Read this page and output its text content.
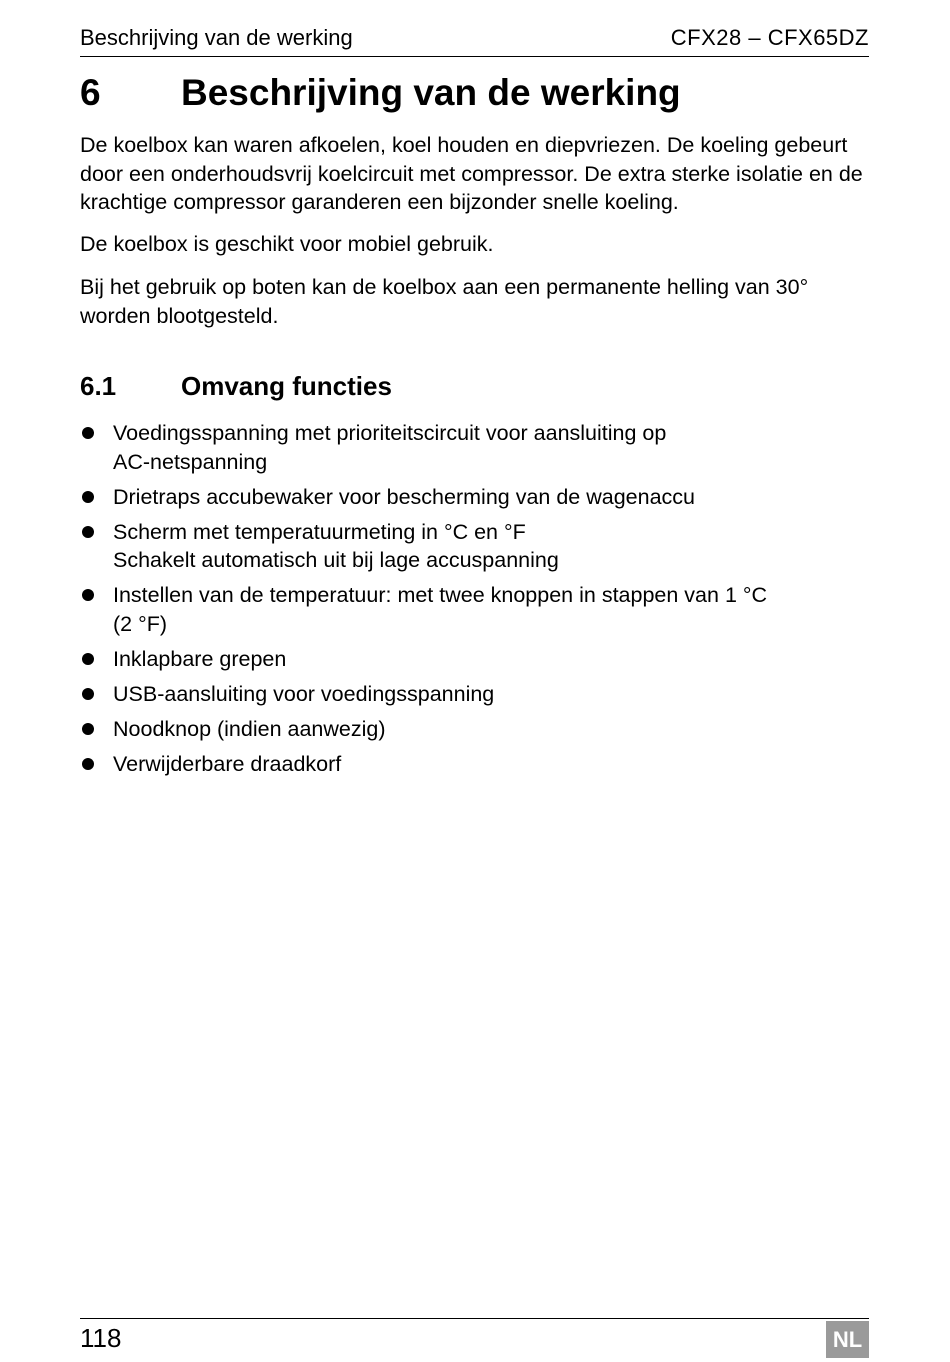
Beschrijving van de werking	CFX28 – CFX65DZ
6 Beschrijving van de werking

De koelbox kan waren afkoelen, koel houden en diepvriezen. De koeling gebeurt door een onderhoudsvrij koelcircuit met compressor. De extra sterke isolatie en de krachtige compressor garanderen een bijzonder snelle koeling.

De koelbox is geschikt voor mobiel gebruik.

Bij het gebruik op boten kan de koelbox aan een permanente helling van 30° worden blootgesteld.

6.1 Omvang functies
Voedingsspanning met prioriteitscircuit voor aansluiting op
AC-netspanning
Drietraps accubewaker voor bescherming van de wagenaccu
Scherm met temperatuurmeting in °C en °F
Schakelt automatisch uit bij lage accuspanning
Instellen van de temperatuur: met twee knoppen in stappen van 1 °C
(2 °F)
Inklapbare grepen
USB-aansluiting voor voedingsspanning
Noodknop (indien aanwezig)
Verwijderbare draadkorf
118	NL
